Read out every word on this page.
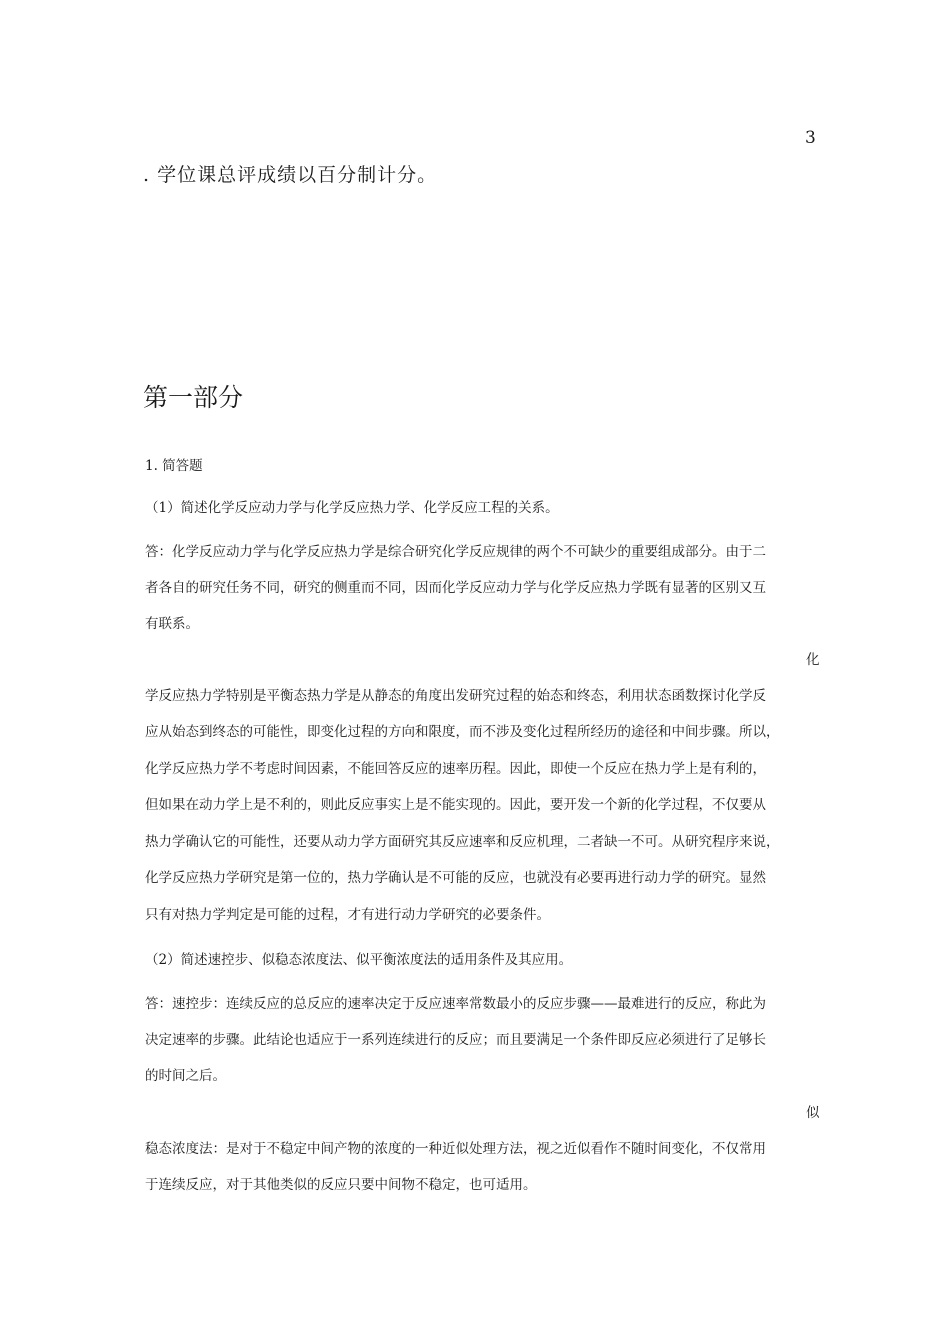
3
. 学位课总评成绩以百分制计分。
第一部分
1. 简答题
（1）简述化学反应动力学与化学反应热力学、化学反应工程的关系。
答：化学反应动力学与化学反应热力学是综合研究化学反应规律的两个不可缺少的重要组成部分。由于二
者各自的研究任务不同，研究的侧重而不同，因而化学反应动力学与化学反应热力学既有显著的区别又互
有联系。
化
学反应热力学特别是平衡态热力学是从静态的角度出发研究过程的始态和终态，利用状态函数探讨化学反
应从始态到终态的可能性，即变化过程的方向和限度，而不涉及变化过程所经历的途径和中间步骤。所以，
化学反应热力学不考虑时间因素，不能回答反应的速率历程。因此，即使一个反应在热力学上是有利的，
但如果在动力学上是不利的，则此反应事实上是不能实现的。因此，要开发一个新的化学过程，不仅要从
热力学确认它的可能性，还要从动力学方面研究其反应速率和反应机理，二者缺一不可。从研究程序来说，
化学反应热力学研究是第一位的，热力学确认是不可能的反应，也就没有必要再进行动力学的研究。显然
只有对热力学判定是可能的过程，才有进行动力学研究的必要条件。
（2）简述速控步、似稳态浓度法、似平衡浓度法的适用条件及其应用。
答：速控步：连续反应的总反应的速率决定于反应速率常数最小的反应步骤——最难进行的反应，称此为
决定速率的步骤。此结论也适应于一系列连续进行的反应；而且要满足一个条件即反应必须进行了足够长
的时间之后。
似
稳态浓度法：是对于不稳定中间产物的浓度的一种近似处理方法，视之近似看作不随时间变化，不仅常用
于连续反应，对于其他类似的反应只要中间物不稳定，也可适用。
